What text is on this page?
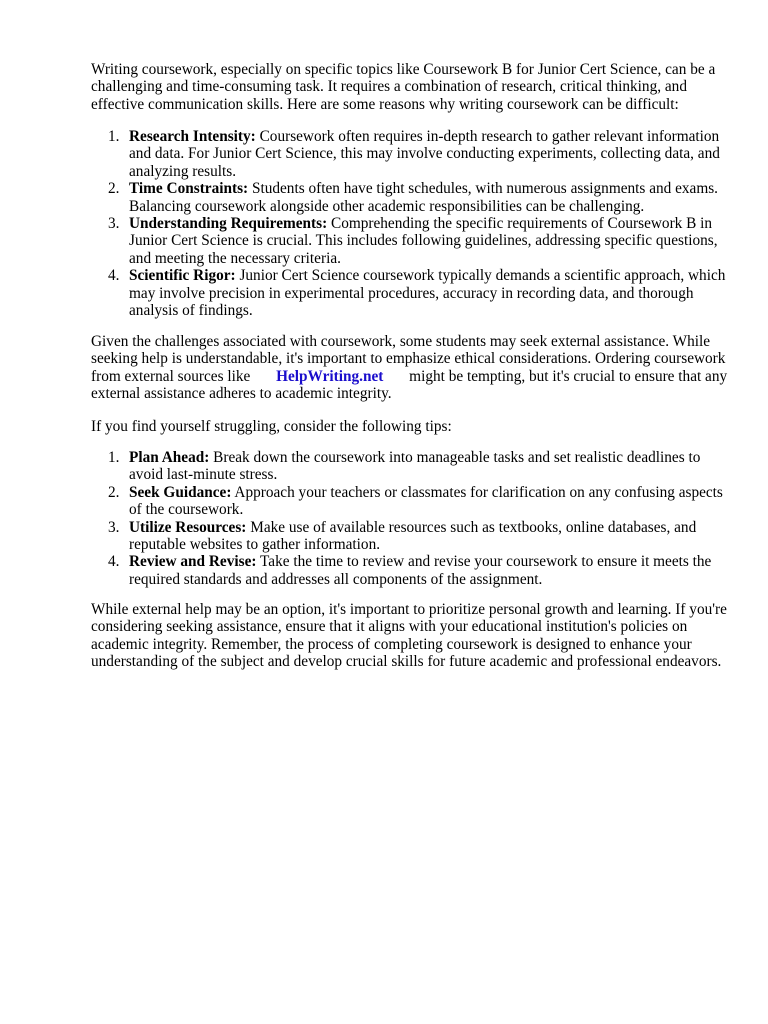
Writing coursework, especially on specific topics like Coursework B for Junior Cert Science, can be a challenging and time-consuming task. It requires a combination of research, critical thinking, and effective communication skills. Here are some reasons why writing coursework can be difficult:

1. Research Intensity: Coursework often requires in-depth research to gather relevant information and data. For Junior Cert Science, this may involve conducting experiments, collecting data, and analyzing results.
2. Time Constraints: Students often have tight schedules, with numerous assignments and exams. Balancing coursework alongside other academic responsibilities can be challenging.
3. Understanding Requirements: Comprehending the specific requirements of Coursework B in Junior Cert Science is crucial. This includes following guidelines, addressing specific questions, and meeting the necessary criteria.
4. Scientific Rigor: Junior Cert Science coursework typically demands a scientific approach, which may involve precision in experimental procedures, accuracy in recording data, and thorough analysis of findings.

Given the challenges associated with coursework, some students may seek external assistance. While seeking help is understandable, it's important to emphasize ethical considerations. Ordering coursework from external sources like HelpWriting.net might be tempting, but it's crucial to ensure that any external assistance adheres to academic integrity.

If you find yourself struggling, consider the following tips:

1. Plan Ahead: Break down the coursework into manageable tasks and set realistic deadlines to avoid last-minute stress.
2. Seek Guidance: Approach your teachers or classmates for clarification on any confusing aspects of the coursework.
3. Utilize Resources: Make use of available resources such as textbooks, online databases, and reputable websites to gather information.
4. Review and Revise: Take the time to review and revise your coursework to ensure it meets the required standards and addresses all components of the assignment.

While external help may be an option, it's important to prioritize personal growth and learning. If you're considering seeking assistance, ensure that it aligns with your educational institution's policies on academic integrity. Remember, the process of completing coursework is designed to enhance your understanding of the subject and develop crucial skills for future academic and professional endeavors.
